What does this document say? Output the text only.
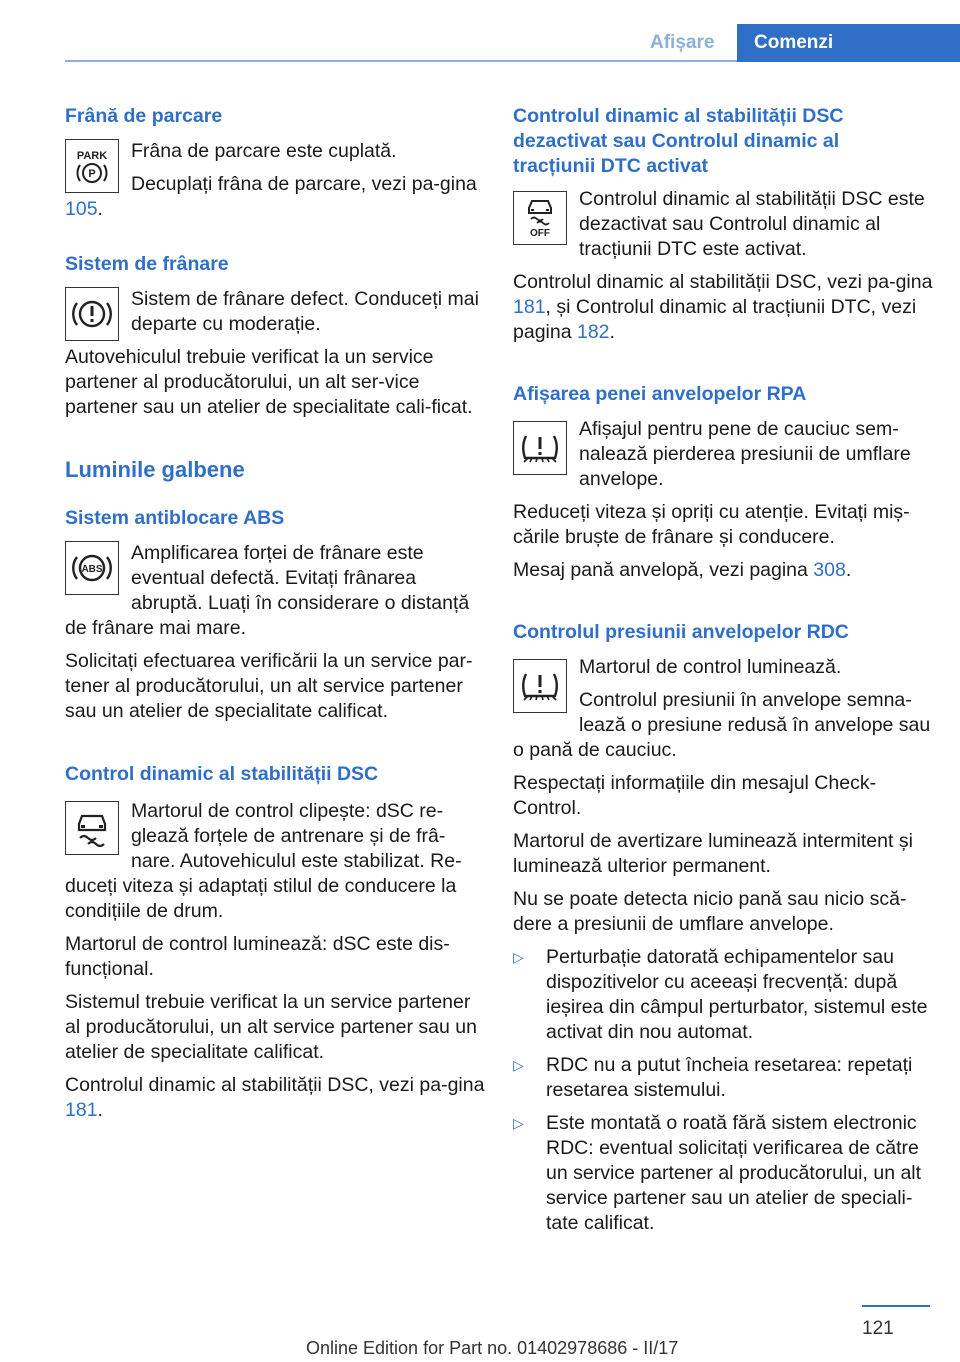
Afișare	Comenzi
Frână de parcare
PARK
P

Frâna de parcare este cuplată.

Decuplați frâna de parcare, vezi pa-gina 105.

Sistem de frânare

Sistem de frânare defect. Conduceți mai departe cu moderație.

Autovehiculul trebuie verificat la un service partener al producătorului, un alt ser-vice partener sau un atelier de specialitate cali-ficat.

Luminile galbene
Sistem antiblocare ABS
ABS

Amplificarea forței de frânare este eventual defectă. Evitați frânarea abruptă. Luați în considerare o distanță de frânare mai mare.

Solicitați efectuarea verificării la un service par-tener al producătorului, un alt service partener sau un atelier de specialitate calificat.

Control dinamic al stabilității DSC

Martorul de control clipește: dSC re-glează forțele de antrenare și de frâ-nare. Autovehiculul este stabilizat. Re-duceți viteza și adaptați stilul de conducere la condițiile de drum.

Martorul de control luminează: dSC este dis-funcțional.

Sistemul trebuie verificat la un service partener al producătorului, un alt service partener sau un atelier de specialitate calificat.

Controlul dinamic al stabilității DSC, vezi pa-gina 181.

Controlul dinamic al stabilității DSC dezactivat sau Controlul dinamic al tracțiunii DTC activat
OFF

Controlul dinamic al stabilității DSC este dezactivat sau Controlul dinamic al tracțiunii DTC este activat.

Controlul dinamic al stabilității DSC, vezi pa-gina 181, și Controlul dinamic al tracțiunii DTC, vezi pagina 182.

Afișarea penei anvelopelor RPA

Afișajul pentru pene de cauciuc sem-nalează pierderea presiunii de umflare anvelope.

Reduceți viteza și opriți cu atenție. Evitați miș-cările bruște de frânare și conducere.

Mesaj pană anvelopă, vezi pagina 308.

Controlul presiunii anvelopelor RDC

Martorul de control luminează.

Controlul presiunii în anvelope semna-lează o presiune redusă în anvelope sau o pană de cauciuc.

Respectați informațiile din mesajul Check-Control.

Martorul de avertizare luminează intermitent și luminează ulterior permanent.

Nu se poate detecta nicio pană sau nicio scă-dere a presiunii de umflare anvelope.

▷ Perturbație datorată echipamentelor sau dispozitivelor cu aceeași frecvență: după ieșirea din câmpul perturbator, sistemul este activat din nou automat.
▷ RDC nu a putut încheia resetarea: repetați resetarea sistemului.
▷ Este montată o roată fără sistem electronic RDC: eventual solicitați verificarea de către un service partener al producătorului, un alt service partener sau un atelier de speciali-tate calificat.
121
Online Edition for Part no. 01402978686 - II/17
